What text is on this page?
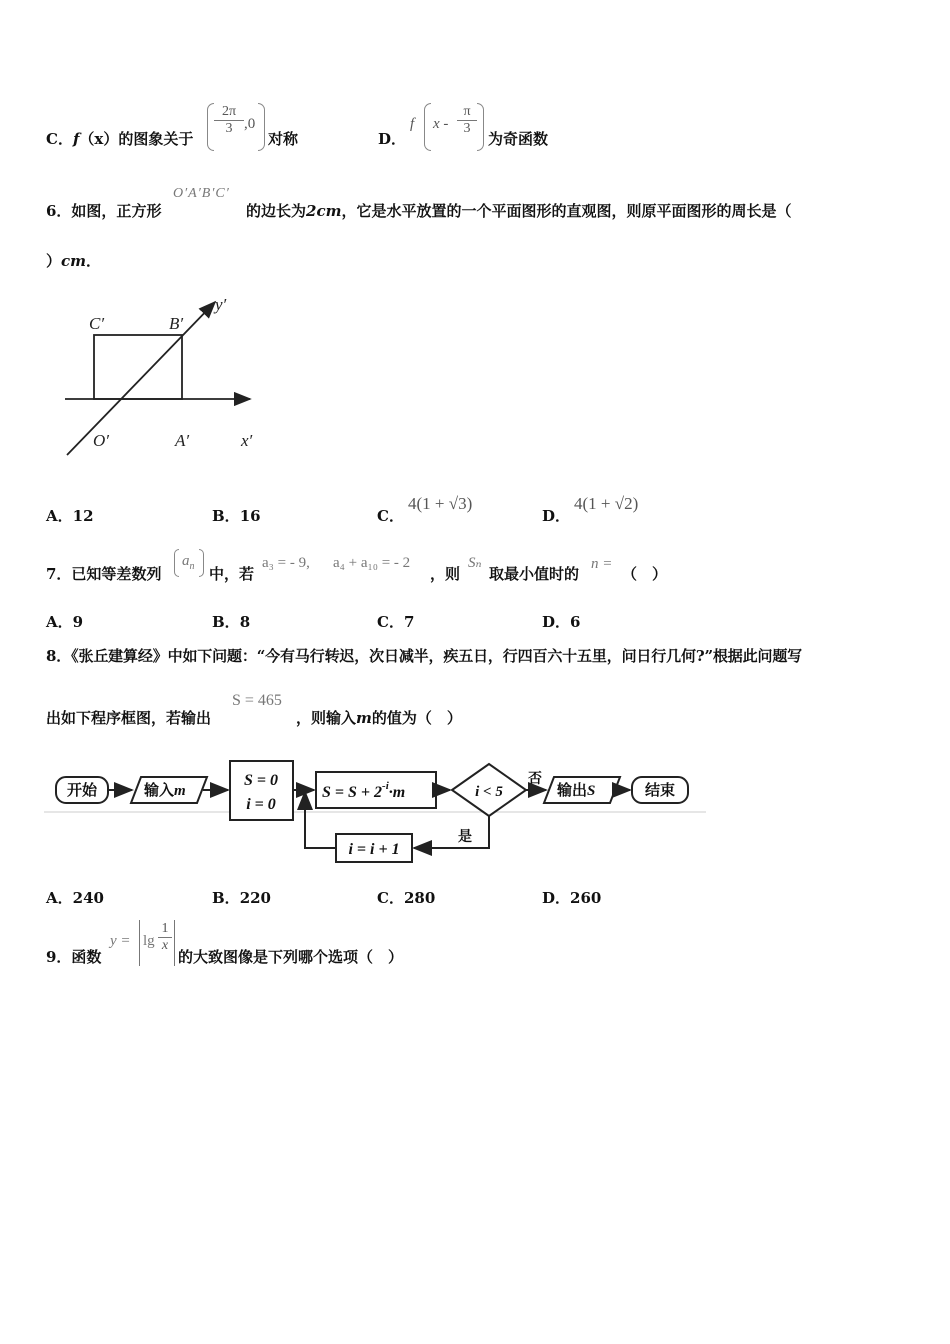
C．f（x）的图象关于
$\frac{2\pi}{3} ,0$
对称	D．
f x - $\frac{\pi}{3}$
为奇函数
6．如图，正方形
O′A′B′C′
的边长为2cm，它是水平放置的一个平面图形的直观图，则原平面图形的周长是（
）cm．
C′	B′
y′
O′	A′	x′
A．12	B．16	C．
4(1 + √3)
D．
4(1 + √2)
7．已知等差数列
$a_n$ 中，若
a₃ = - 9, a₄ + a₁₀ = - 2
，则
Sₙ
取最小值时的
n =
（　）
A．9	B．8	C．7	D．6
8．《张丘建算经》中如下问题：“今有马行转迟，次日减半，疾五日，行四百六十五里，问日行几何?”根据此问题写
出如下程序框图，若输出
S = 465
，则输入m的值为（　）
开始	输入m
S = 0
i = 0
$S = S + 2^{-i}\cdot m$	i < 5
否
输出S	结束
是
i = i + 1
A．240	B．220	C．280	D．260
9．函数
$y = \lg \frac{1}{x}$
的大致图像是下列哪个选项（　）
